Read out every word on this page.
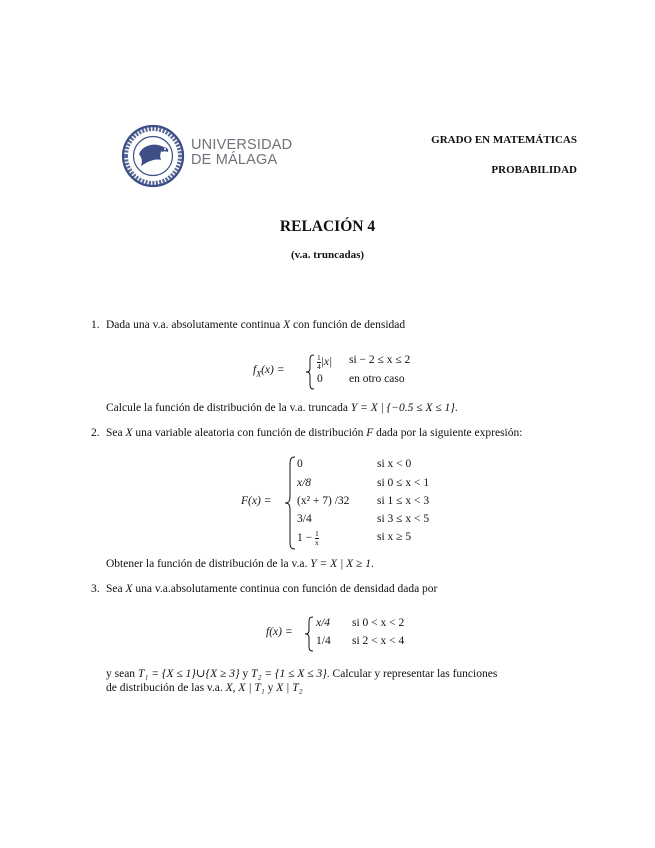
UNIVERSIDAD
DE MÁLAGA
GRADO EN MATEMÁTICAS
PROBABILIDAD
RELACIÓN 4
(v.a. truncadas)
1. Dada una v.a. absolutamente continua X con función de densidad
$f_X(x)$ =	$\frac{1}{4} |x|$ si − 2 ≤ x ≤ 2
0 en otro caso
Calcule la función de distribución de la v.a. truncada Y = X | {−0.5 ≤ X ≤ 1}.
2. Sea X una variable aleatoria con función de distribución F dada por la siguiente expresión:
F(x) =
0	si x < 0
x/8	si 0 ≤ x < 1
(x² + 7) /32 si 1 ≤ x < 3
3/4	si 3 ≤ x < 5
$1 - \frac{1}{x}$	si x ≥ 5
Obtener la función de distribución de la v.a. Y = X | X ≥ 1.
3. Sea X una v.a.absolutamente continua con función de densidad dada por
f(x) =
x/4 si 0 < x < 2
1/4 si 2 < x < 4
y sean T₁ = {X ≤ 1}∪{X ≥ 3} y T₂ = {1 ≤ X ≤ 3}. Calcular y representar las funciones
de distribución de las v.a. X, X | T₁ y X | T₂
